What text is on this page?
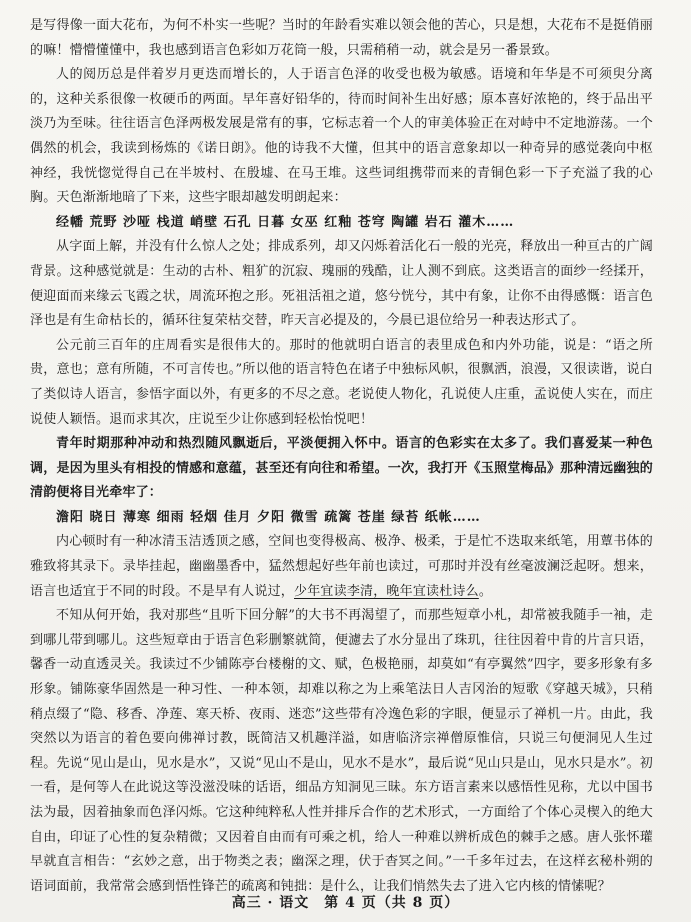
是写得像一面大花布，为何不朴实一些呢？当时的年龄看实难以领会他的苦心，只是想，大花布不是挺俏丽的嘛！懵懵懂懂中，我也感到语言色彩如万花筒一般，只需稍稍一动，就会是另一番景致。

人的阅历总是伴着岁月更迭而增长的，人于语言色泽的收受也极为敏感。语境和年华是不可须臾分离的，这种关系很像一枚硬币的两面。早年喜好铅华的，待而时间补生出好感；原本喜好浓艳的，终于品出平淡乃为至味。往往语言色泽两极发展是常有的事，它标志着一个人的审美体验正在对峙中不定地游荡。一个偶然的机会，我读到杨炼的《诺日朗》。他的诗我不大懂，但其中的语言意象却以一种奇异的感觉袭向中枢神经，我恍惚觉得自己在半坡村、在殷墟、在马王堆。这些词组携带而来的青铜色彩一下子充溢了我的心胸。天色渐渐地暗了下来，这些字眼却越发明朗起来：

经幡 荒野 沙哑 栈道 峭壁 石孔 日暮 女巫 红釉 苍穹 陶罐 岩石 灌木……

从字面上解，并没有什么惊人之处；排成系列，却又闪烁着活化石一般的光亮，释放出一种亘古的广阔背景。这种感觉就是：生动的古朴、粗犷的沉寂、瑰丽的残酷，让人测不到底。这类语言的面纱一经揉开，便迎面而来缘云飞霞之状，周流环抱之形。死祖活祖之道，悠兮恍兮，其中有象，让你不由得感慨：语言色泽也是有生命枯长的，循环往复荣枯交替，昨天言必提及的，今晨已退位给另一种表达形式了。

公元前三百年的庄周看实是很伟大的。那时的他就明白语言的表里成色和内外功能，说是：“语之所贵，意也；意有所随，不可言传也。”所以他的语言特色在诸子中独标风帜，很飘洒，浪漫，又很读谐，说白了类似诗人语言，参悟字面以外，有更多的不尽之意。老说使人物化，孔说使人庄重，孟说使人实在，而庄说使人颖悟。退而求其次，庄说至少让你感到轻松怡悦吧！

青年时期那种冲动和热烈随风飘逝后，平淡便拥入怀中。语言的色彩实在太多了。我们喜爱某一种色调，是因为里头有相投的情感和意蕴，甚至还有向往和希望。一次，我打开《玉照堂梅品》那种清远幽独的清韵便将目光牵牢了：

澹阳 晓日 薄寒 细雨 轻烟 佳月 夕阳 微雪 疏篱 苍崖 绿苔 纸帐……

内心顿时有一种冰清玉洁透顶之感，空间也变得极高、极净、极柔，于是忙不迭取来纸笔，用蕈书体的雅致将其录下。录毕挂起，幽幽墨香中，猛然想起好些年前也读过，可那时并没有丝毫波澜泛起呀。想来，语言也适宜于不同的时段。不是早有人说过，少年宜读李清，晚年宜读杜诗么。

不知从何开始，我对那些“且听下回分解”的大书不再渴望了，而那些短章小札，却常被我随手一袖，走到哪儿带到哪儿。这些短章由于语言色彩删繁就简，便濾去了水分显出了珠玑，往往因着中肯的片言只语，馨香一动直透灵关。我读过不少铺陈亭台楼榭的文、赋，色极艳丽，却莫如“有亭翼然”四字，要多形象有多形象。铺陈豪华固然是一种习性、一种本领，却难以称之为上乘笔法日人吉冈治的短歌《穿越天城》，只稍稍点缀了“隐、移香、净莲、寒天桥、夜雨、迷恋”这些带有冷逸色彩的字眼，便显示了禅机一片。由此，我突然以为语言的着色要向佛禅讨教，既简洁又机趣洋溢，如唐临济宗禅僧原惟信，只说三句便洞见人生过程。先说“见山是山，见水是水”，又说“见山不是山，见水不是水”，最后说“见山只是山，见水只是水”。初一看，是何等人在此说这等没滋没味的话语，细品方知洞见三昧。东方语言素来以感悟性见称，尤以中国书法为最，因着抽象而色泽闪烁。它这种纯粹私人性并排斥合作的艺术形式，一方面给了个体心灵楔入的绝大自由，印证了心性的复杂精微；又因着自由而有可乘之机，给人一种难以辨析成色的棘手之感。唐人张怀瓘早就直言相告：“玄妙之意，出于物类之表；幽深之理，伏于杳冥之间。”一千多年过去，在这样玄秘朴朔的语词面前，我常常会感到悟性锋芒的疏离和钝拙：是什么，让我们悄然失去了进入它内核的情愫呢？

高三 · 语文　第 4 页（共 8 页）
